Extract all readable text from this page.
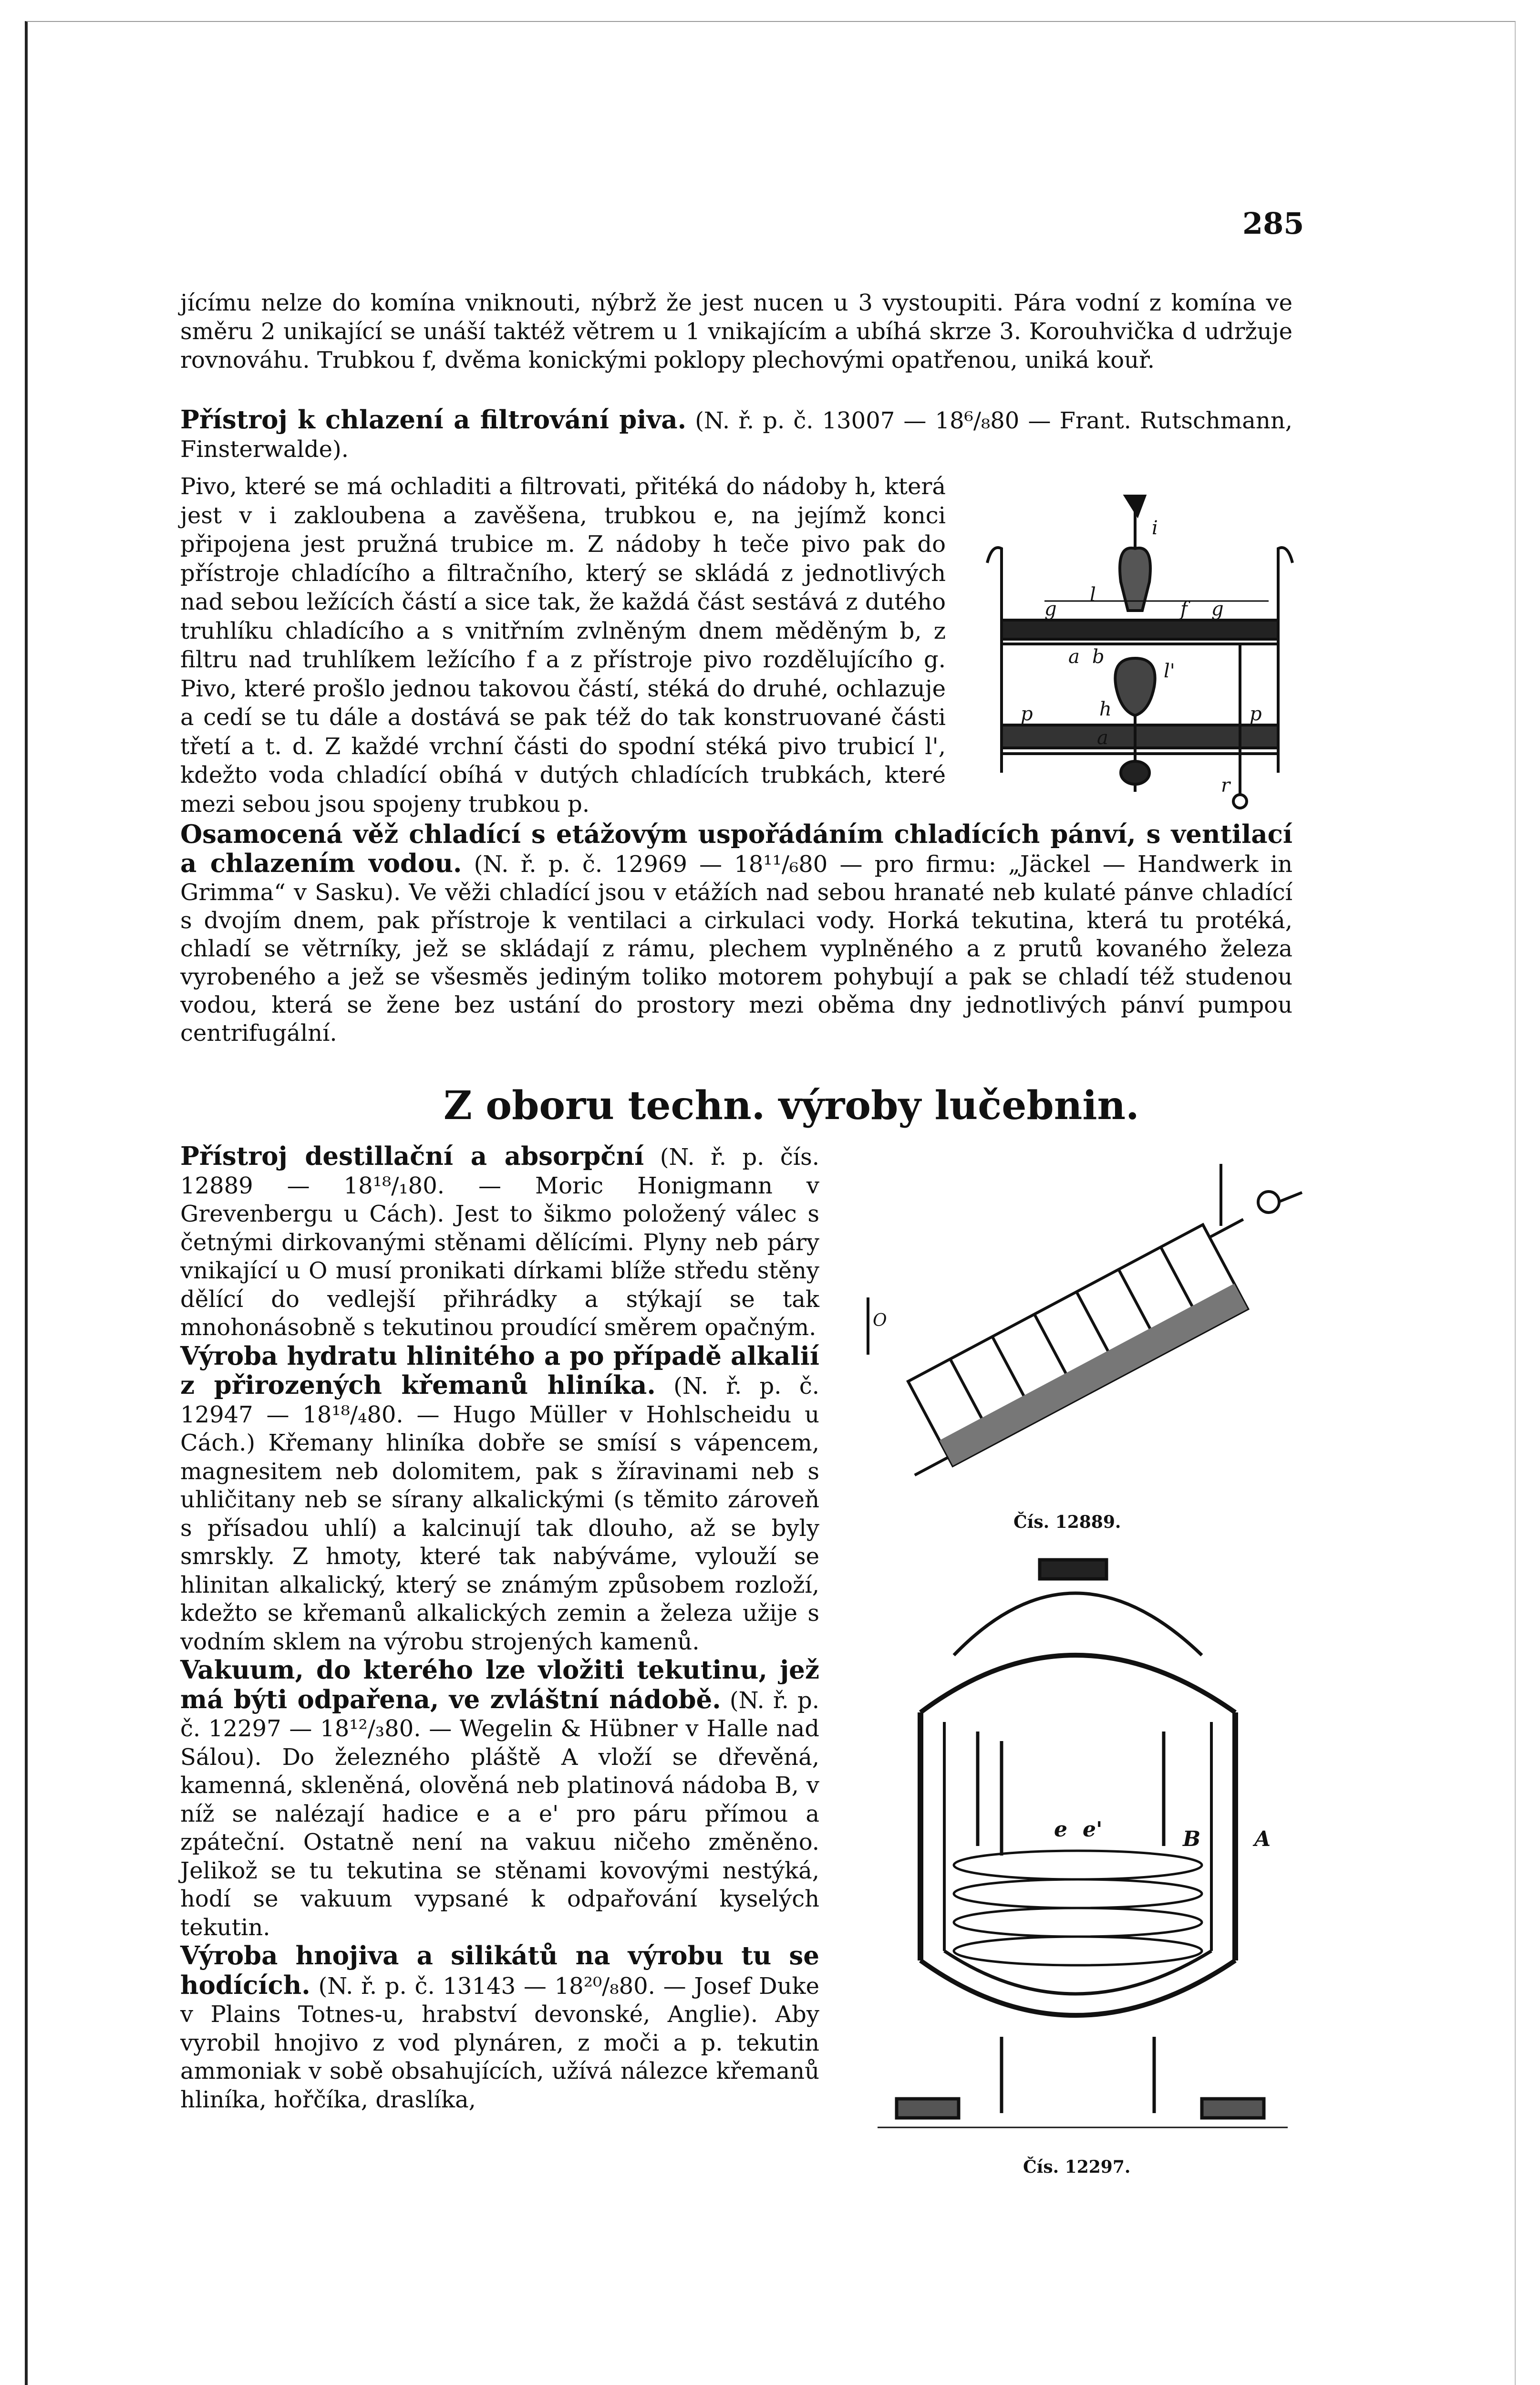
285

jícímu nelze do komína vniknouti, nýbrž že jest nucen u 3 vystoupiti. Pára vodní z komína ve směru 2 unikající se unáší taktéž větrem u 1 vnikajícím a ubíhá skrze 3. Korouhvička d udržuje rovnováhu. Trubkou f, dvěma konickými poklopy plechovými opatřenou, uniká kouř.

Přístroj k chlazení a filtrování piva. (N. ř. p. č. 13007 — 18⁶/₈80 — Frant. Rutschmann, Finsterwalde).

Pivo, které se má ochladiti a filtrovati, přitéká do nádoby h, která jest v i zakloubena a zavěšena, trubkou e, na jejímž konci připojena jest pružná trubice m. Z nádoby h teče pivo pak do přístroje chladícího a filtračního, který se skládá z jednotlivých nad sebou ležících částí a sice tak, že každá část sestává z dutého truhlíku chladícího a s vnitřním zvlněným dnem měděným b, z filtru nad truhlíkem ležícího f a z přístroje pivo rozdělujícího g. Pivo, které prošlo jednou takovou částí, stéká do druhé, ochlazuje a cedí se tu dále a dostává se pak též do tak konstruované části třetí a t. d. Z každé vrchní části do spodní stéká pivo trubicí l', kdežto voda chladící obíhá v dutých chladících trubkách, které mezi sebou jsou spojeny trubkou p.

i
l
g	f g
a b
l'
h
p	p
a
r

Osamocená věž chladící s etážovým uspořádáním chladících pánví, s ventilací a chlazením vodou. (N. ř. p. č. 12969 — 18¹¹/₆80 — pro firmu: „Jäckel — Handwerk in Grimma“ v Sasku). Ve věži chladící jsou v etážích nad sebou hranaté neb kulaté pánve chladící s dvojím dnem, pak přístroje k ventilaci a cirkulaci vody. Horká tekutina, která tu protéká, chladí se větrníky, jež se skládají z rámu, plechem vyplněného a z prutů kovaného železa vyrobeného a jež se všesměs jediným toliko motorem pohybují a pak se chladí též studenou vodou, která se žene bez ustání do prostory mezi oběma dny jednotlivých pánví pumpou centrifugální.

Z oboru techn. výroby lučebnin.

Přístroj destillační a absorpční (N. ř. p. čís. 12889 — 18¹⁸/₁80. — Moric Honigmann v Grevenbergu u Cách). Jest to šikmo položený válec s četnými dirkovanými stěnami dělícími. Plyny neb páry vnikající u O musí pronikati dírkami blíže středu stěny dělící do vedlejší přihrádky a stýkají se tak mnohonásobně s tekutinou proudící směrem opačným.

Výroba hydratu hlinitého a po případě alkalií z přirozených křemanů hliníka. (N. ř. p. č. 12947 — 18¹⁸/₄80. — Hugo Müller v Hohlscheidu u Cách.) Křemany hliníka dobře se smísí s vápencem, magnesitem neb dolomitem, pak s žíravinami neb s uhličitany neb se sírany alkalickými (s těmito zároveň s přísadou uhlí) a kalcinují tak dlouho, až se byly smrskly. Z hmoty, které tak nabýváme, vylouží se hlinitan alkalický, který se známým způsobem rozloží, kdežto se křemanů alkalických zemin a železa užije s vodním sklem na výrobu strojených kamenů.

Vakuum, do kterého lze vložiti tekutinu, jež má býti odpařena, ve zvláštní nádobě. (N. ř. p. č. 12297 — 18¹²/₃80. — Wegelin & Hübner v Halle nad Sálou). Do železného pláště A vloží se dřevěná, kamenná, skleněná, olověná neb platinová nádoba B, v níž se nalézají hadice e a e' pro páru přímou a zpáteční. Ostatně není na vakuu ničeho změněno. Jelikož se tu tekutina se stěnami kovovými nestýká, hodí se vakuum vypsané k odpařování kyselých tekutin.

Výroba hnojiva a silikátů na výrobu tu se hodících. (N. ř. p. č. 13143 — 18²⁰/₈80. — Josef Duke v Plains Totnes-u, hrabství devonské, Anglie). Aby vyrobil hnojivo z vod plynáren, z moči a p. tekutin ammoniak v sobě obsahujících, užívá nálezce křemanů hliníka, hořčíka, draslíka,

O
Čís. 12889.
e e'	B	A
Čís. 12297.
